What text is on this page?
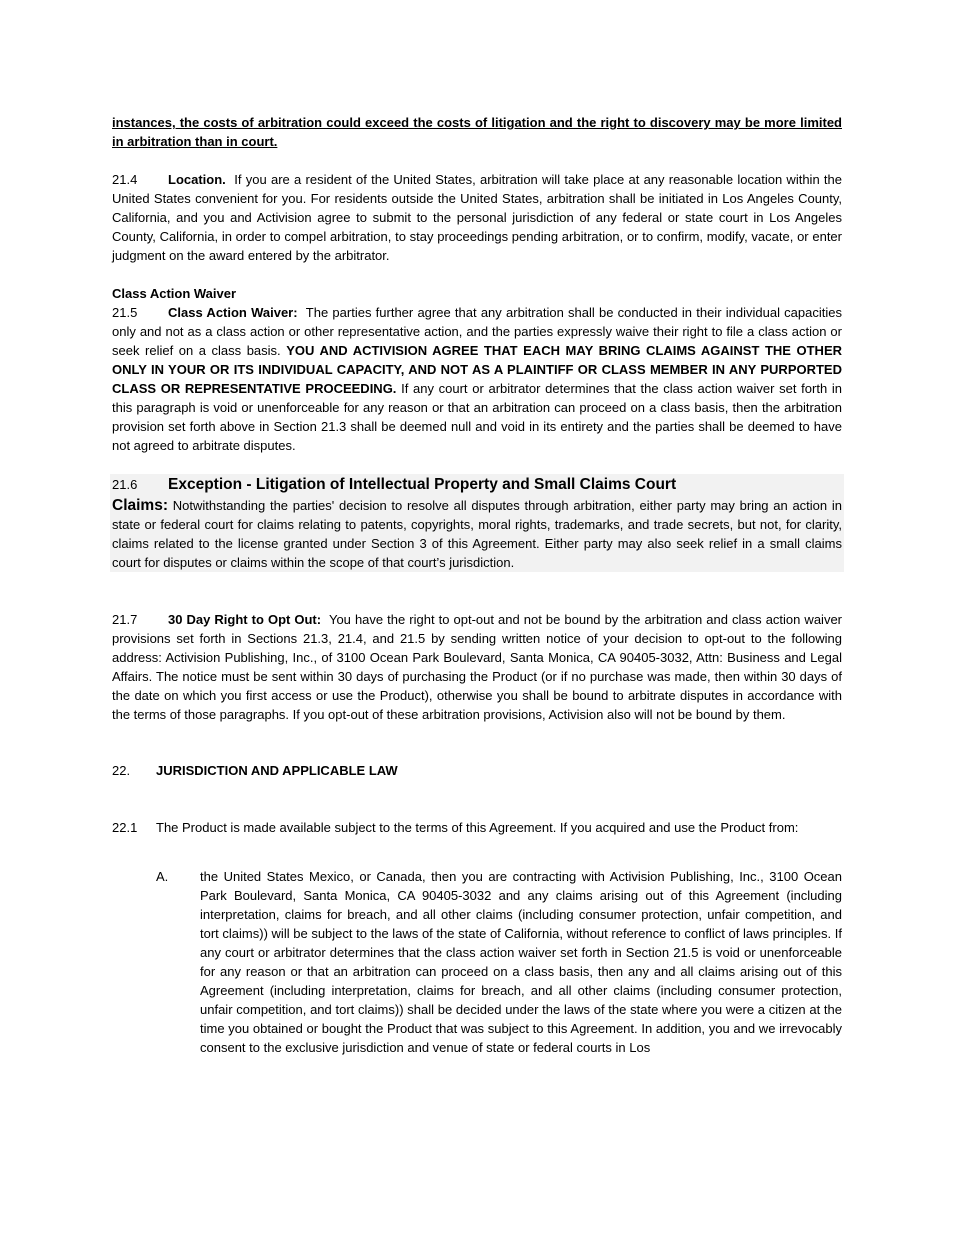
instances, the costs of arbitration could exceed the costs of litigation and the right to discovery may be more limited in arbitration than in court.

21.4 Location. If you are a resident of the United States, arbitration will take place at any reasonable location within the United States convenient for you. For residents outside the United States, arbitration shall be initiated in Los Angeles County, California, and you and Activision agree to submit to the personal jurisdiction of any federal or state court in Los Angeles County, California, in order to compel arbitration, to stay proceedings pending arbitration, or to confirm, modify, vacate, or enter judgment on the award entered by the arbitrator.

Class Action Waiver

21.5 Class Action Waiver: The parties further agree that any arbitration shall be conducted in their individual capacities only and not as a class action or other representative action, and the parties expressly waive their right to file a class action or seek relief on a class basis. YOU AND ACTIVISION AGREE THAT EACH MAY BRING CLAIMS AGAINST THE OTHER ONLY IN YOUR OR ITS INDIVIDUAL CAPACITY, AND NOT AS A PLAINTIFF OR CLASS MEMBER IN ANY PURPORTED CLASS OR REPRESENTATIVE PROCEEDING. If any court or arbitrator determines that the class action waiver set forth in this paragraph is void or unenforceable for any reason or that an arbitration can proceed on a class basis, then the arbitration provision set forth above in Section 21.3 shall be deemed null and void in its entirety and the parties shall be deemed to have not agreed to arbitrate disputes.

21.6 Exception - Litigation of Intellectual Property and Small Claims Court

Claims: Notwithstanding the parties' decision to resolve all disputes through arbitration, either party may bring an action in state or federal court for claims relating to patents, copyrights, moral rights, trademarks, and trade secrets, but not, for clarity, claims related to the license granted under Section 3 of this Agreement. Either party may also seek relief in a small claims court for disputes or claims within the scope of that court’s jurisdiction.

21.7 30 Day Right to Opt Out: You have the right to opt-out and not be bound by the arbitration and class action waiver provisions set forth in Sections 21.3, 21.4, and 21.5 by sending written notice of your decision to opt-out to the following address: Activision Publishing, Inc., of 3100 Ocean Park Boulevard, Santa Monica, CA 90405-3032, Attn: Business and Legal Affairs. The notice must be sent within 30 days of purchasing the Product (or if no purchase was made, then within 30 days of the date on which you first access or use the Product), otherwise you shall be bound to arbitrate disputes in accordance with the terms of those paragraphs. If you opt-out of these arbitration provisions, Activision also will not be bound by them.

22. JURISDICTION AND APPLICABLE LAW

22.1	The Product is made available subject to the terms of this Agreement. If you acquired and use the Product from:
A.	the United States Mexico, or Canada, then you are contracting with Activision Publishing, Inc., 3100 Ocean Park Boulevard, Santa Monica, CA 90405-3032 and any claims arising out of this Agreement (including interpretation, claims for breach, and all other claims (including consumer protection, unfair competition, and tort claims)) will be subject to the laws of the state of California, without reference to conflict of laws principles. If any court or arbitrator determines that the class action waiver set forth in Section 21.5 is void or unenforceable for any reason or that an arbitration can proceed on a class basis, then any and all claims arising out of this Agreement (including interpretation, claims for breach, and all other claims (including consumer protection, unfair competition, and tort claims)) shall be decided under the laws of the state where you were a citizen at the time you obtained or bought the Product that was subject to this Agreement. In addition, you and we irrevocably consent to the exclusive jurisdiction and venue of state or federal courts in Los
